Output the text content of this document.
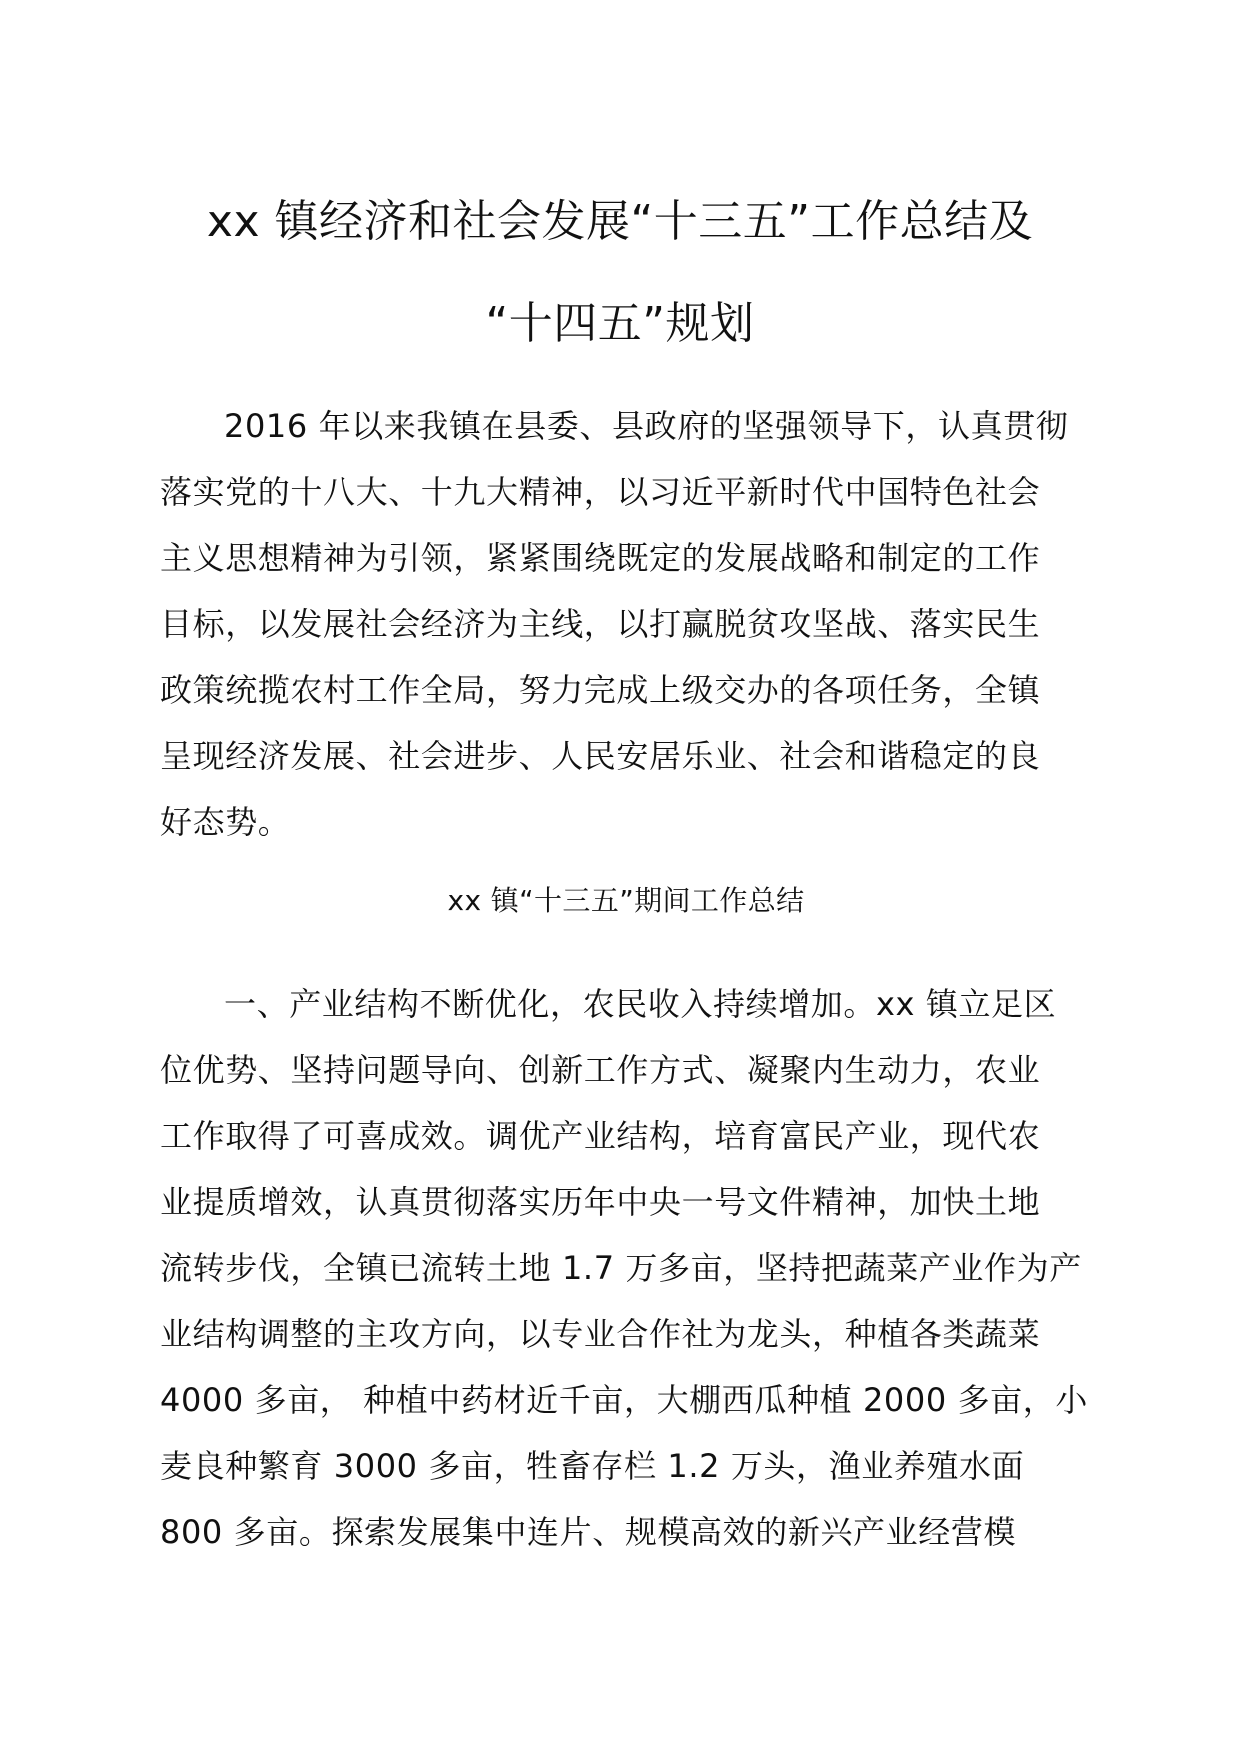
xx 镇经济和社会发展“十三五”工作总结及
“十四五”规划
2016 年以来我镇在县委、县政府的坚强领导下，认真贯彻
落实党的十八大、十九大精神，以习近平新时代中国特色社会
主义思想精神为引领，紧紧围绕既定的发展战略和制定的工作
目标，以发展社会经济为主线，以打赢脱贫攻坚战、落实民生
政策统揽农村工作全局，努力完成上级交办的各项任务，全镇
呈现经济发展、社会进步、人民安居乐业、社会和谐稳定的良
好态势。
xx 镇“十三五”期间工作总结
一、产业结构不断优化，农民收入持续增加。xx 镇立足区
位优势、坚持问题导向、创新工作方式、凝聚内生动力，农业
工作取得了可喜成效。调优产业结构，培育富民产业，现代农
业提质增效，认真贯彻落实历年中央一号文件精神，加快土地
流转步伐，全镇已流转土地 1.7 万多亩，坚持把蔬菜产业作为产
业结构调整的主攻方向，以专业合作社为龙头，种植各类蔬菜
4000 多亩， 种植中药材近千亩，大棚西瓜种植 2000 多亩，小
麦良种繁育 3000 多亩，牲畜存栏 1.2 万头，渔业养殖水面
800 多亩。探索发展集中连片、规模高效的新兴产业经营模
